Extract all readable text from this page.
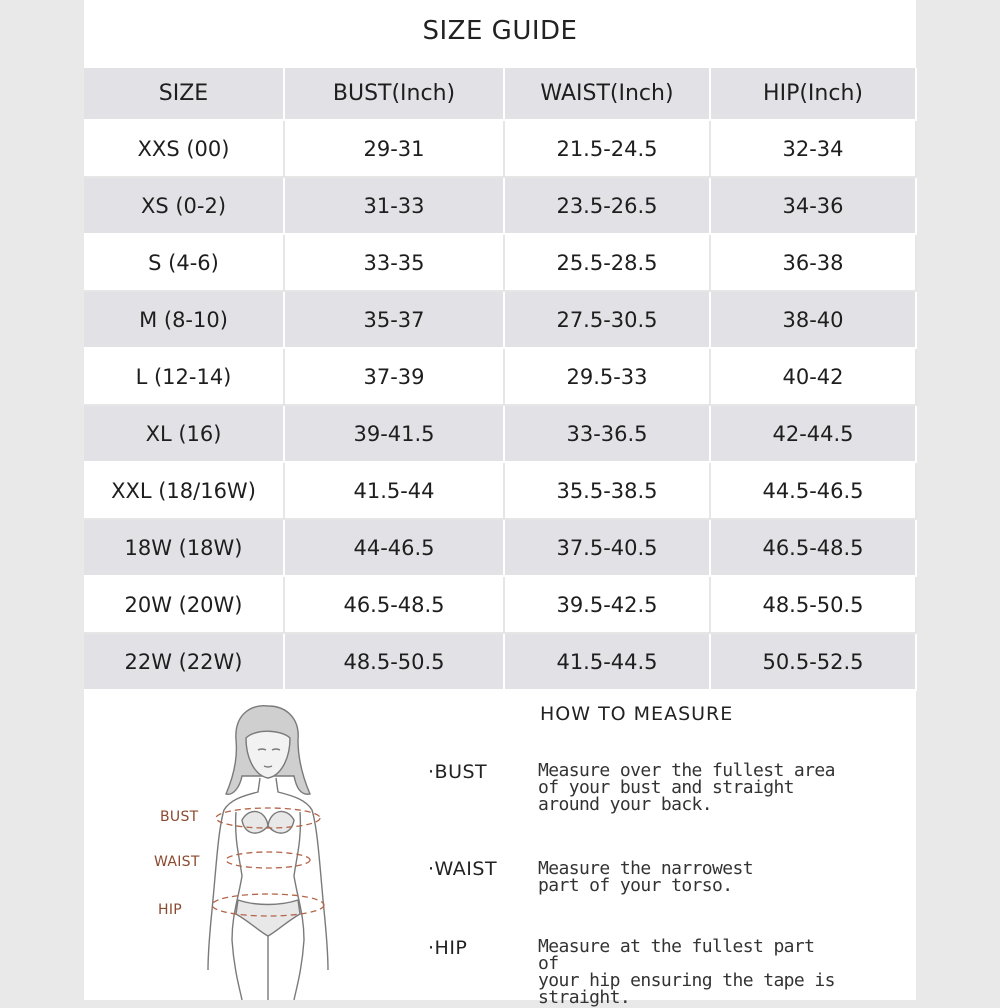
SIZE GUIDE
SIZE	BUST(Inch)	WAIST(Inch)	HIP(Inch)
XXS (00)	29-31	21.5-24.5	32-34
XS (0-2)	31-33	23.5-26.5	34-36
S (4-6)	33-35	25.5-28.5	36-38
M (8-10)	35-37	27.5-30.5	38-40
L (12-14)	37-39	29.5-33	40-42
XL (16)	39-41.5	33-36.5	42-44.5
XXL (18/16W)	41.5-44	35.5-38.5	44.5-46.5
18W (18W)	44-46.5	37.5-40.5	46.5-48.5
20W (20W)	46.5-48.5	39.5-42.5	48.5-50.5
22W (22W)	48.5-50.5	41.5-44.5	50.5-52.5
BUST
WAIST
HIP
HOW TO MEASURE
·BUST	Measure over the fullest area
of your bust and straight
around your back.
·WAIST Measure the narrowest
part of your torso.
·HIP	Measure at the fullest part of
your hip ensuring the tape is
straight.
